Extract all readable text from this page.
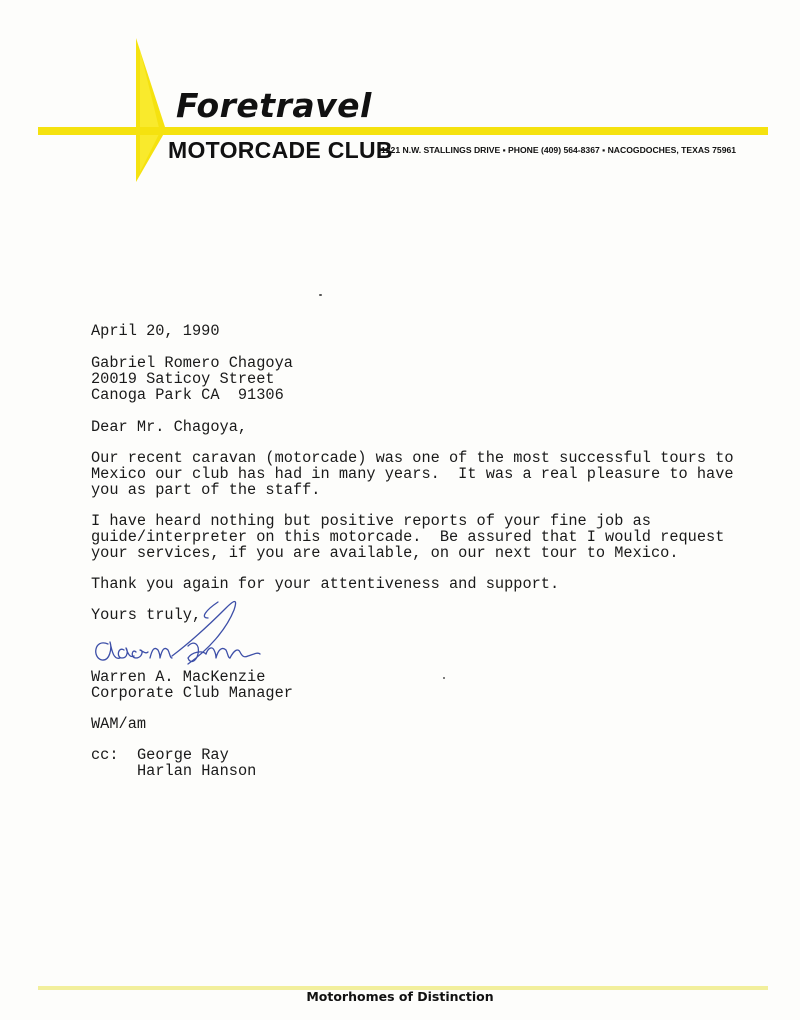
Foretravel
MOTORCADE CLUB
1221 N.W. STALLINGS DRIVE ▪ PHONE (409) 564-8367 ▪ NACOGDOCHES, TEXAS 75961

April 20, 1990

Gabriel Romero Chagoya

20019 Saticoy Street

Canoga Park CA  91306

Dear Mr. Chagoya,

Our recent caravan (motorcade) was one of the most successful tours to

Mexico our club has had in many years.  It was a real pleasure to have

you as part of the staff.

I have heard nothing but positive reports of your fine job as

guide/interpreter on this motorcade.  Be assured that I would request

your services, if you are available, on our next tour to Mexico.

Thank you again for your attentiveness and support.

Yours truly,

Warren A. MacKenzie

Corporate Club Manager

WAM/am

cc:

George Ray

Harlan Hanson

Motorhomes of Distinction
